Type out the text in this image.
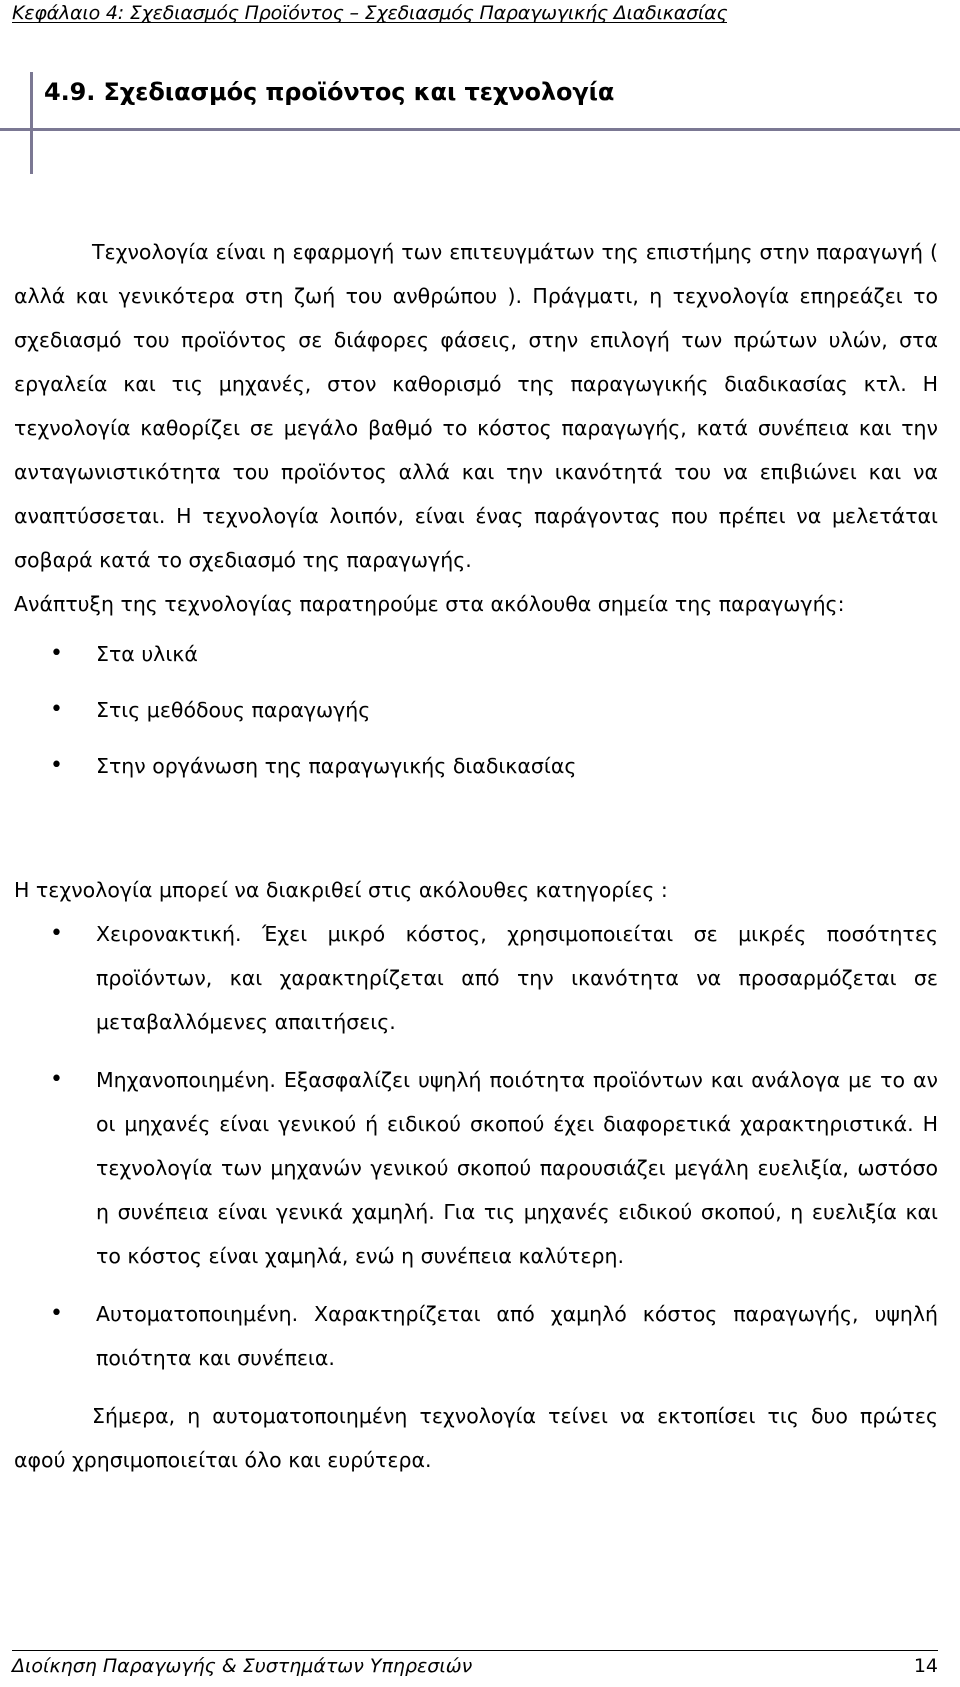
Κεφάλαιο 4: Σχεδιασμός Προϊόντος – Σχεδιασμός Παραγωγικής Διαδικασίας
4.9. Σχεδιασμός προϊόντος και τεχνολογία

Τεχνολογία είναι η εφαρμογή των επιτευγμάτων της επιστήμης στην παραγωγή ( αλλά και γενικότερα στη ζωή του ανθρώπου ). Πράγματι, η τεχνολογία επηρεάζει το σχεδιασμό του προϊόντος σε διάφορες φάσεις, στην επιλογή των πρώτων υλών, στα εργαλεία και τις μηχανές, στον καθορισμό της παραγωγικής διαδικασίας κτλ. Η τεχνολογία καθορίζει σε μεγάλο βαθμό το κόστος παραγωγής, κατά συνέπεια και την ανταγωνιστικότητα του προϊόντος αλλά και την ικανότητά του να επιβιώνει και να αναπτύσσεται. Η τεχνολογία λοιπόν, είναι ένας παράγοντας που πρέπει να μελετάται σοβαρά κατά το σχεδιασμό της παραγωγής.

Ανάπτυξη της τεχνολογίας παρατηρούμε στα ακόλουθα σημεία της παραγωγής:

• Στα υλικά
• Στις μεθόδους παραγωγής
• Στην οργάνωση της παραγωγικής διαδικασίας

Η τεχνολογία μπορεί να διακριθεί στις ακόλουθες κατηγορίες :

• Χειρονακτική. Έχει μικρό κόστος, χρησιμοποιείται σε μικρές ποσότητες προϊόντων, και χαρακτηρίζεται από την ικανότητα να προσαρμόζεται σε μεταβαλλόμενες απαιτήσεις.
• Μηχανοποιημένη. Εξασφαλίζει υψηλή ποιότητα προϊόντων και ανάλογα με το αν οι μηχανές είναι γενικού ή ειδικού σκοπού έχει διαφορετικά χαρακτηριστικά. Η τεχνολογία των μηχανών γενικού σκοπού παρουσιάζει μεγάλη ευελιξία, ωστόσο η συνέπεια είναι γενικά χαμηλή. Για τις μηχανές ειδικού σκοπού, η ευελιξία και το κόστος είναι χαμηλά, ενώ η συνέπεια καλύτερη.
• Αυτοματοποιημένη. Χαρακτηρίζεται από χαμηλό κόστος παραγωγής, υψηλή ποιότητα και συνέπεια.

Σήμερα, η αυτοματοποιημένη τεχνολογία τείνει να εκτοπίσει τις δυο πρώτες αφού χρησιμοποιείται όλο και ευρύτερα.

Διοίκηση Παραγωγής & Συστημάτων Υπηρεσιών	14
